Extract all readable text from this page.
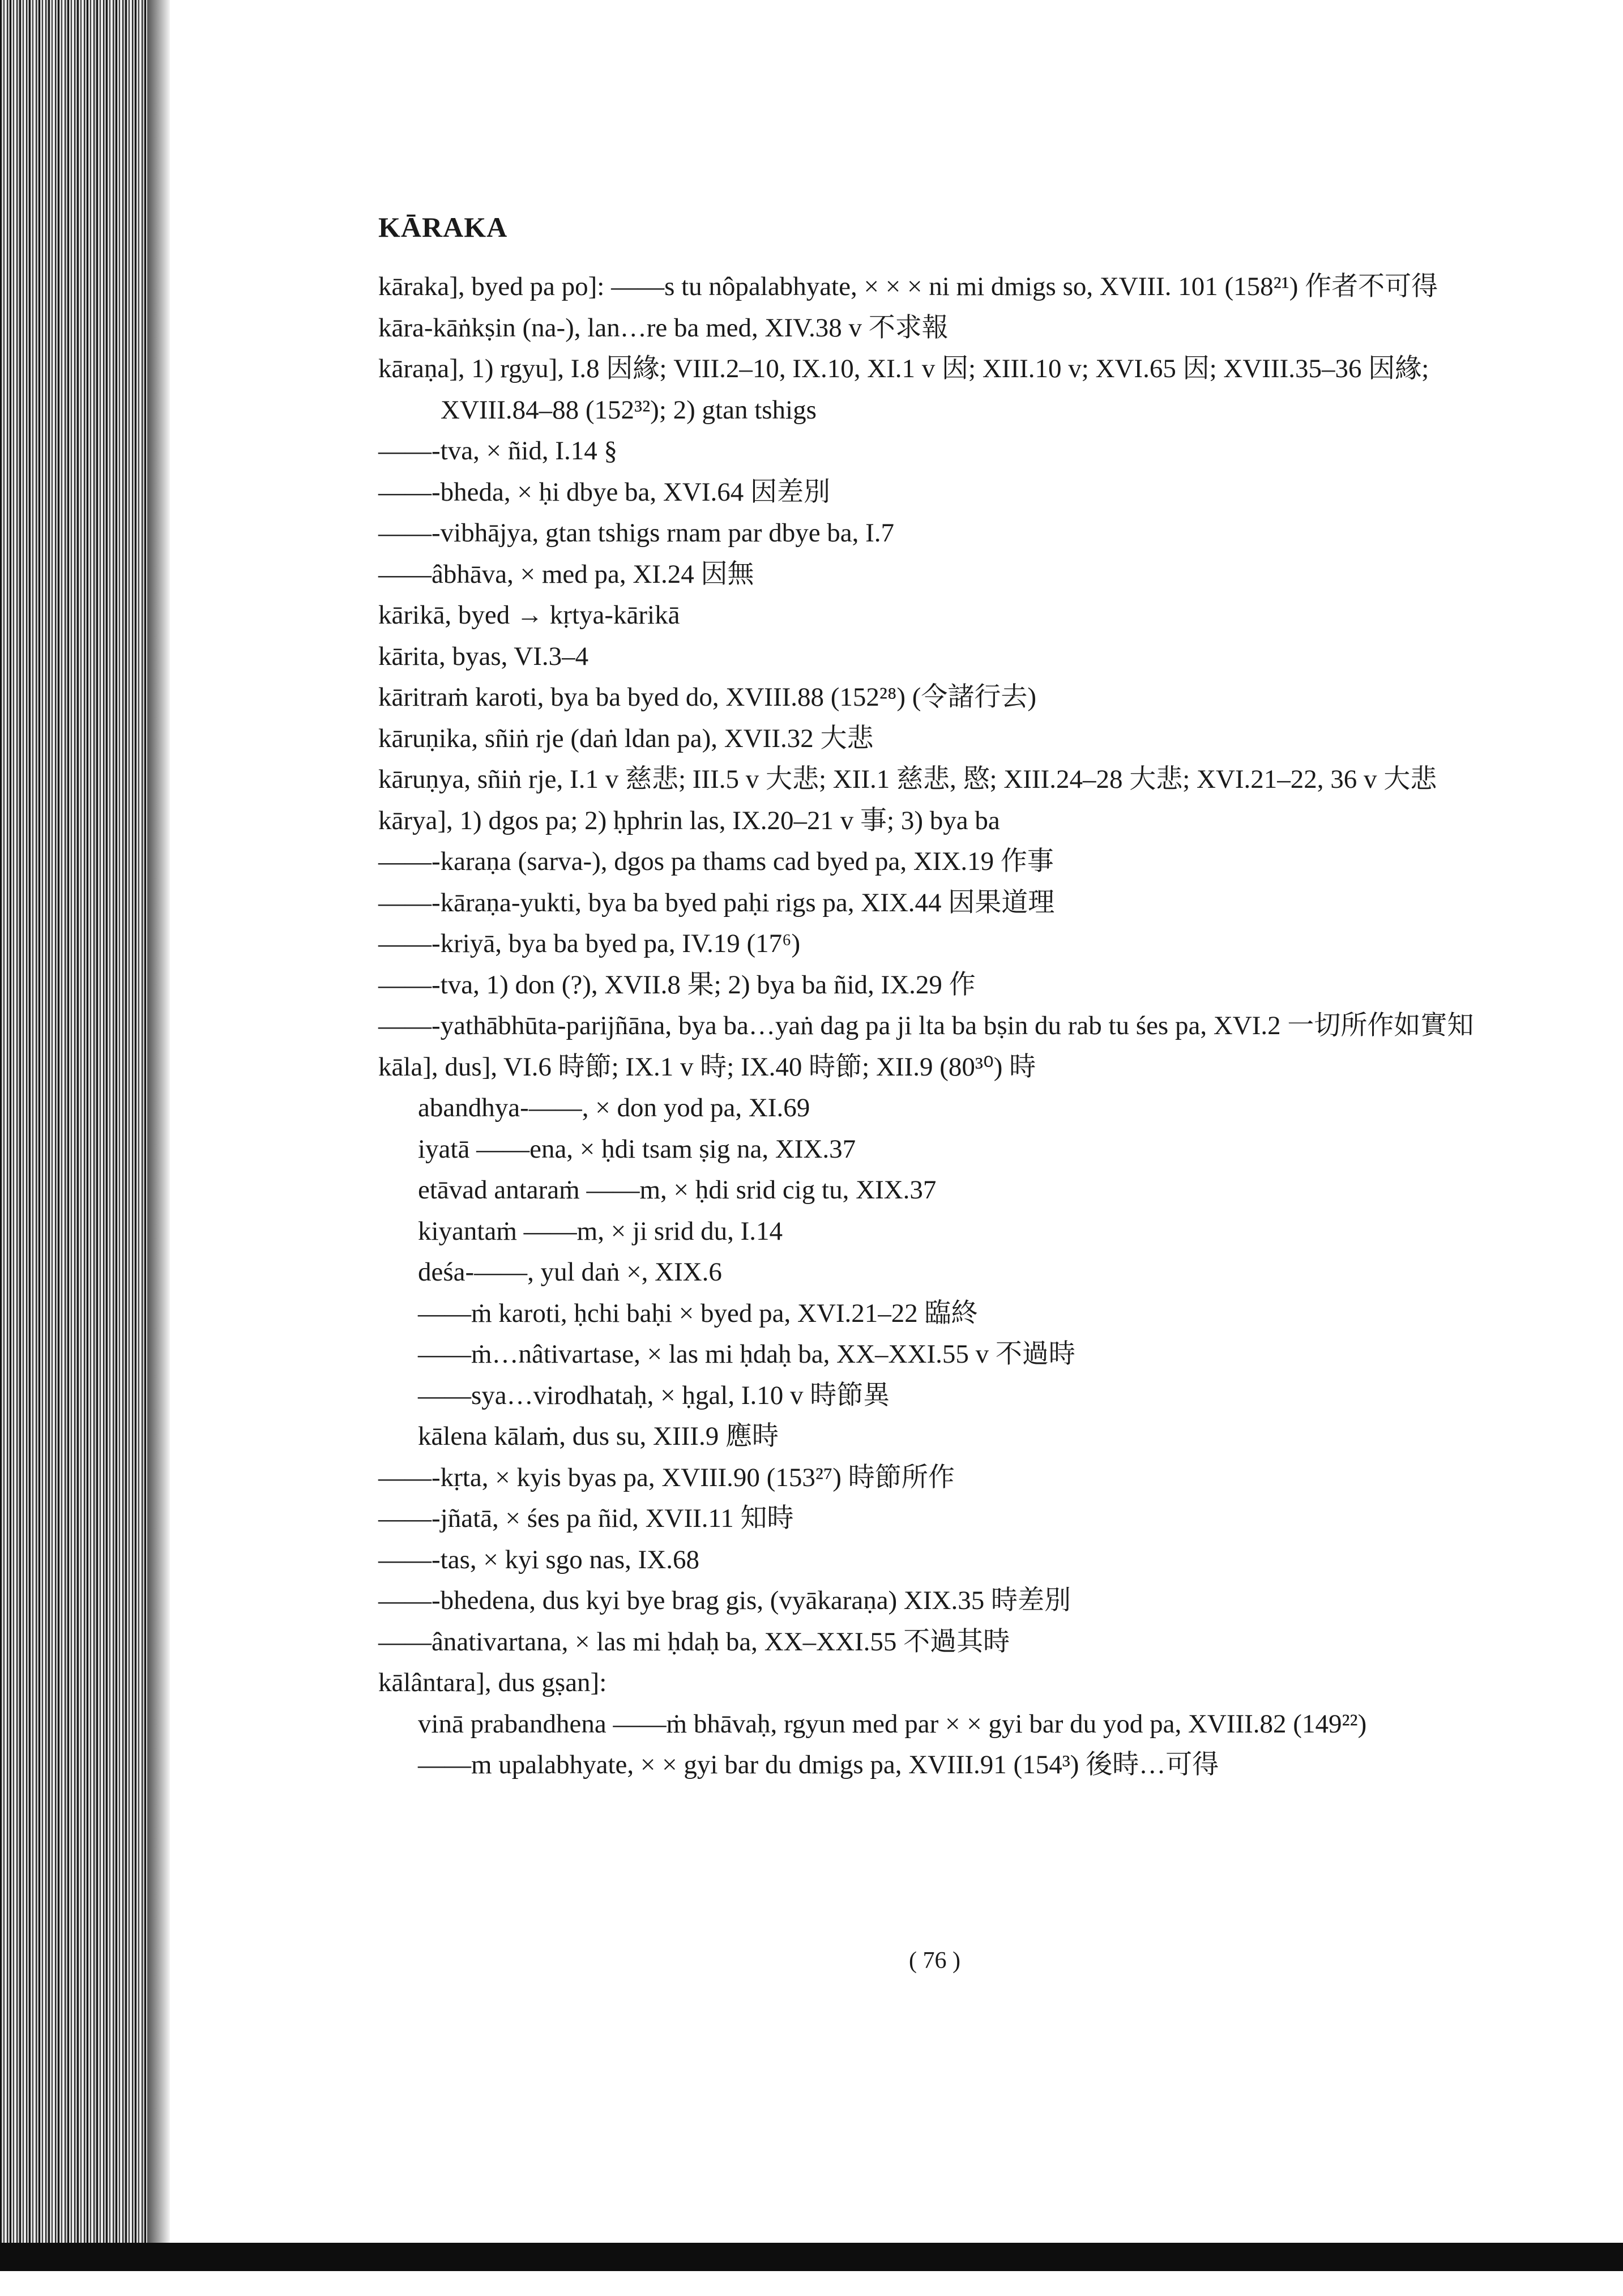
KĀRAKA
kāraka], byed pa po]: ——s tu nôpalabhyate, × × × ni mi dmigs so, XVIII. 101 (158²¹) 作者不可得
kāra-kāṅkṣin (na-), lan…re ba med, XIV.38 v 不求報
kāraṇa], 1) rgyu], I.8 因緣; VIII.2–10, IX.10, XI.1 v 因; XIII.10 v; XVI.65 因; XVIII.35–36 因緣; XVIII.84–88 (152³²); 2) gtan tshigs
——-tva, × ñid, I.14 §
——-bheda, × ḥi dbye ba, XVI.64 因差別
——-vibhājya, gtan tshigs rnam par dbye ba, I.7
——âbhāva, × med pa, XI.24 因無
kārikā, byed → kṛtya-kārikā
kārita, byas, VI.3–4
kāritraṁ karoti, bya ba byed do, XVIII.88 (152²⁸) (令諸行去)
kāruṇika, sñiṅ rje (daṅ ldan pa), XVII.32 大悲
kāruṇya, sñiṅ rje, I.1 v 慈悲; III.5 v 大悲; XII.1 慈悲, 愍; XIII.24–28 大悲; XVI.21–22, 36 v 大悲
kārya], 1) dgos pa; 2) ḥphrin las, IX.20–21 v 事; 3) bya ba
——-karaṇa (sarva-), dgos pa thams cad byed pa, XIX.19 作事
——-kāraṇa-yukti, bya ba byed paḥi rigs pa, XIX.44 因果道理
——-kriyā, bya ba byed pa, IV.19 (17⁶)
——-tva, 1) don (?), XVII.8 果; 2) bya ba ñid, IX.29 作
——-yathābhūta-parijñāna, bya ba…yaṅ dag pa ji lta ba bṣin du rab tu śes pa, XVI.2 一切所作如實知
kāla], dus], VI.6 時節; IX.1 v 時; IX.40 時節; XII.9 (80³⁰) 時
abandhya-——, × don yod pa, XI.69
iyatā ——ena, × ḥdi tsam ṣig na, XIX.37
etāvad antaraṁ ——m, × ḥdi srid cig tu, XIX.37
kiyantaṁ ——m, × ji srid du, I.14
deśa-——, yul daṅ ×, XIX.6
——ṁ karoti, ḥchi baḥi × byed pa, XVI.21–22 臨終
——ṁ…nâtivartase, × las mi ḥdaḥ ba, XX–XXI.55 v 不過時
——sya…virodhataḥ, × ḥgal, I.10 v 時節異
kālena kālaṁ, dus su, XIII.9 應時
——-kṛta, × kyis byas pa, XVIII.90 (153²⁷) 時節所作
——-jñatā, × śes pa ñid, XVII.11 知時
——-tas, × kyi sgo nas, IX.68
——-bhedena, dus kyi bye brag gis, (vyākaraṇa) XIX.35 時差別
——ânativartana, × las mi ḥdaḥ ba, XX–XXI.55 不過其時
kālântara], dus gṣan]:
vinā prabandhena ——ṁ bhāvaḥ, rgyun med par × × gyi bar du yod pa, XVIII.82 (149²²)
——m upalabhyate, × × gyi bar du dmigs pa, XVIII.91 (154³) 後時…可得
( 76 )
